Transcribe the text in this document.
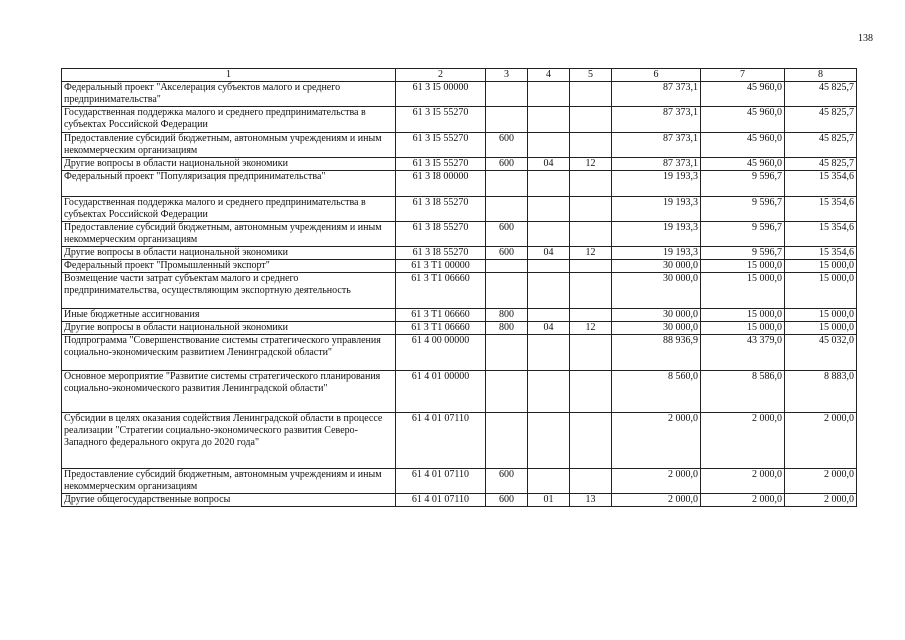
138
1	2	3	4	5	6	7	8
Федеральный проект "Акселерация субъектов малого и среднего предпринимательства"	61 3 I5 00000				87 373,1	45 960,0	45 825,7
Государственная поддержка малого и среднего предпринимательства в субъектах Российской Федерации	61 3 I5 55270				87 373,1	45 960,0	45 825,7
Предоставление субсидий бюджетным, автономным учреждениям и иным некоммерческим организациям	61 3 I5 55270	600			87 373,1	45 960,0	45 825,7
Другие вопросы в области национальной экономики	61 3 I5 55270	600	04	12	87 373,1	45 960,0	45 825,7
Федеральный проект "Популяризация предпринимательства"	61 3 I8 00000				19 193,3	9 596,7	15 354,6
Государственная поддержка малого и среднего предпринимательства в субъектах Российской Федерации	61 3 I8 55270				19 193,3	9 596,7	15 354,6
Предоставление субсидий бюджетным, автономным учреждениям и иным некоммерческим организациям	61 3 I8 55270	600			19 193,3	9 596,7	15 354,6
Другие вопросы в области национальной экономики	61 3 I8 55270	600	04	12	19 193,3	9 596,7	15 354,6
Федеральный проект "Промышленный экспорт"	61 3 T1 00000				30 000,0	15 000,0	15 000,0
Возмещение части затрат субъектам малого и среднего предпринимательства, осуществляющим экспортную деятельность	61 3 T1 06660				30 000,0	15 000,0	15 000,0
Иные бюджетные ассигнования	61 3 T1 06660	800			30 000,0	15 000,0	15 000,0
Другие вопросы в области национальной экономики	61 3 T1 06660	800	04	12	30 000,0	15 000,0	15 000,0
Подпрограмма "Совершенствование системы стратегического управления социально-экономическим развитием Ленинградской области"	61 4 00 00000				88 936,9	43 379,0	45 032,0
Основное мероприятие "Развитие системы стратегического планирования социально-экономического развития Ленинградской области"	61 4 01 00000				8 560,0	8 586,0	8 883,0
Субсидии в целях оказания содействия Ленинградской области в процессе реализации "Стратегии социально-экономического развития Северо-Западного федерального округа до 2020 года"	61 4 01 07110				2 000,0	2 000,0	2 000,0
Предоставление субсидий бюджетным, автономным учреждениям и иным некоммерческим организациям	61 4 01 07110	600			2 000,0	2 000,0	2 000,0
Другие общегосударственные вопросы	61 4 01 07110	600	01	13	2 000,0	2 000,0	2 000,0
